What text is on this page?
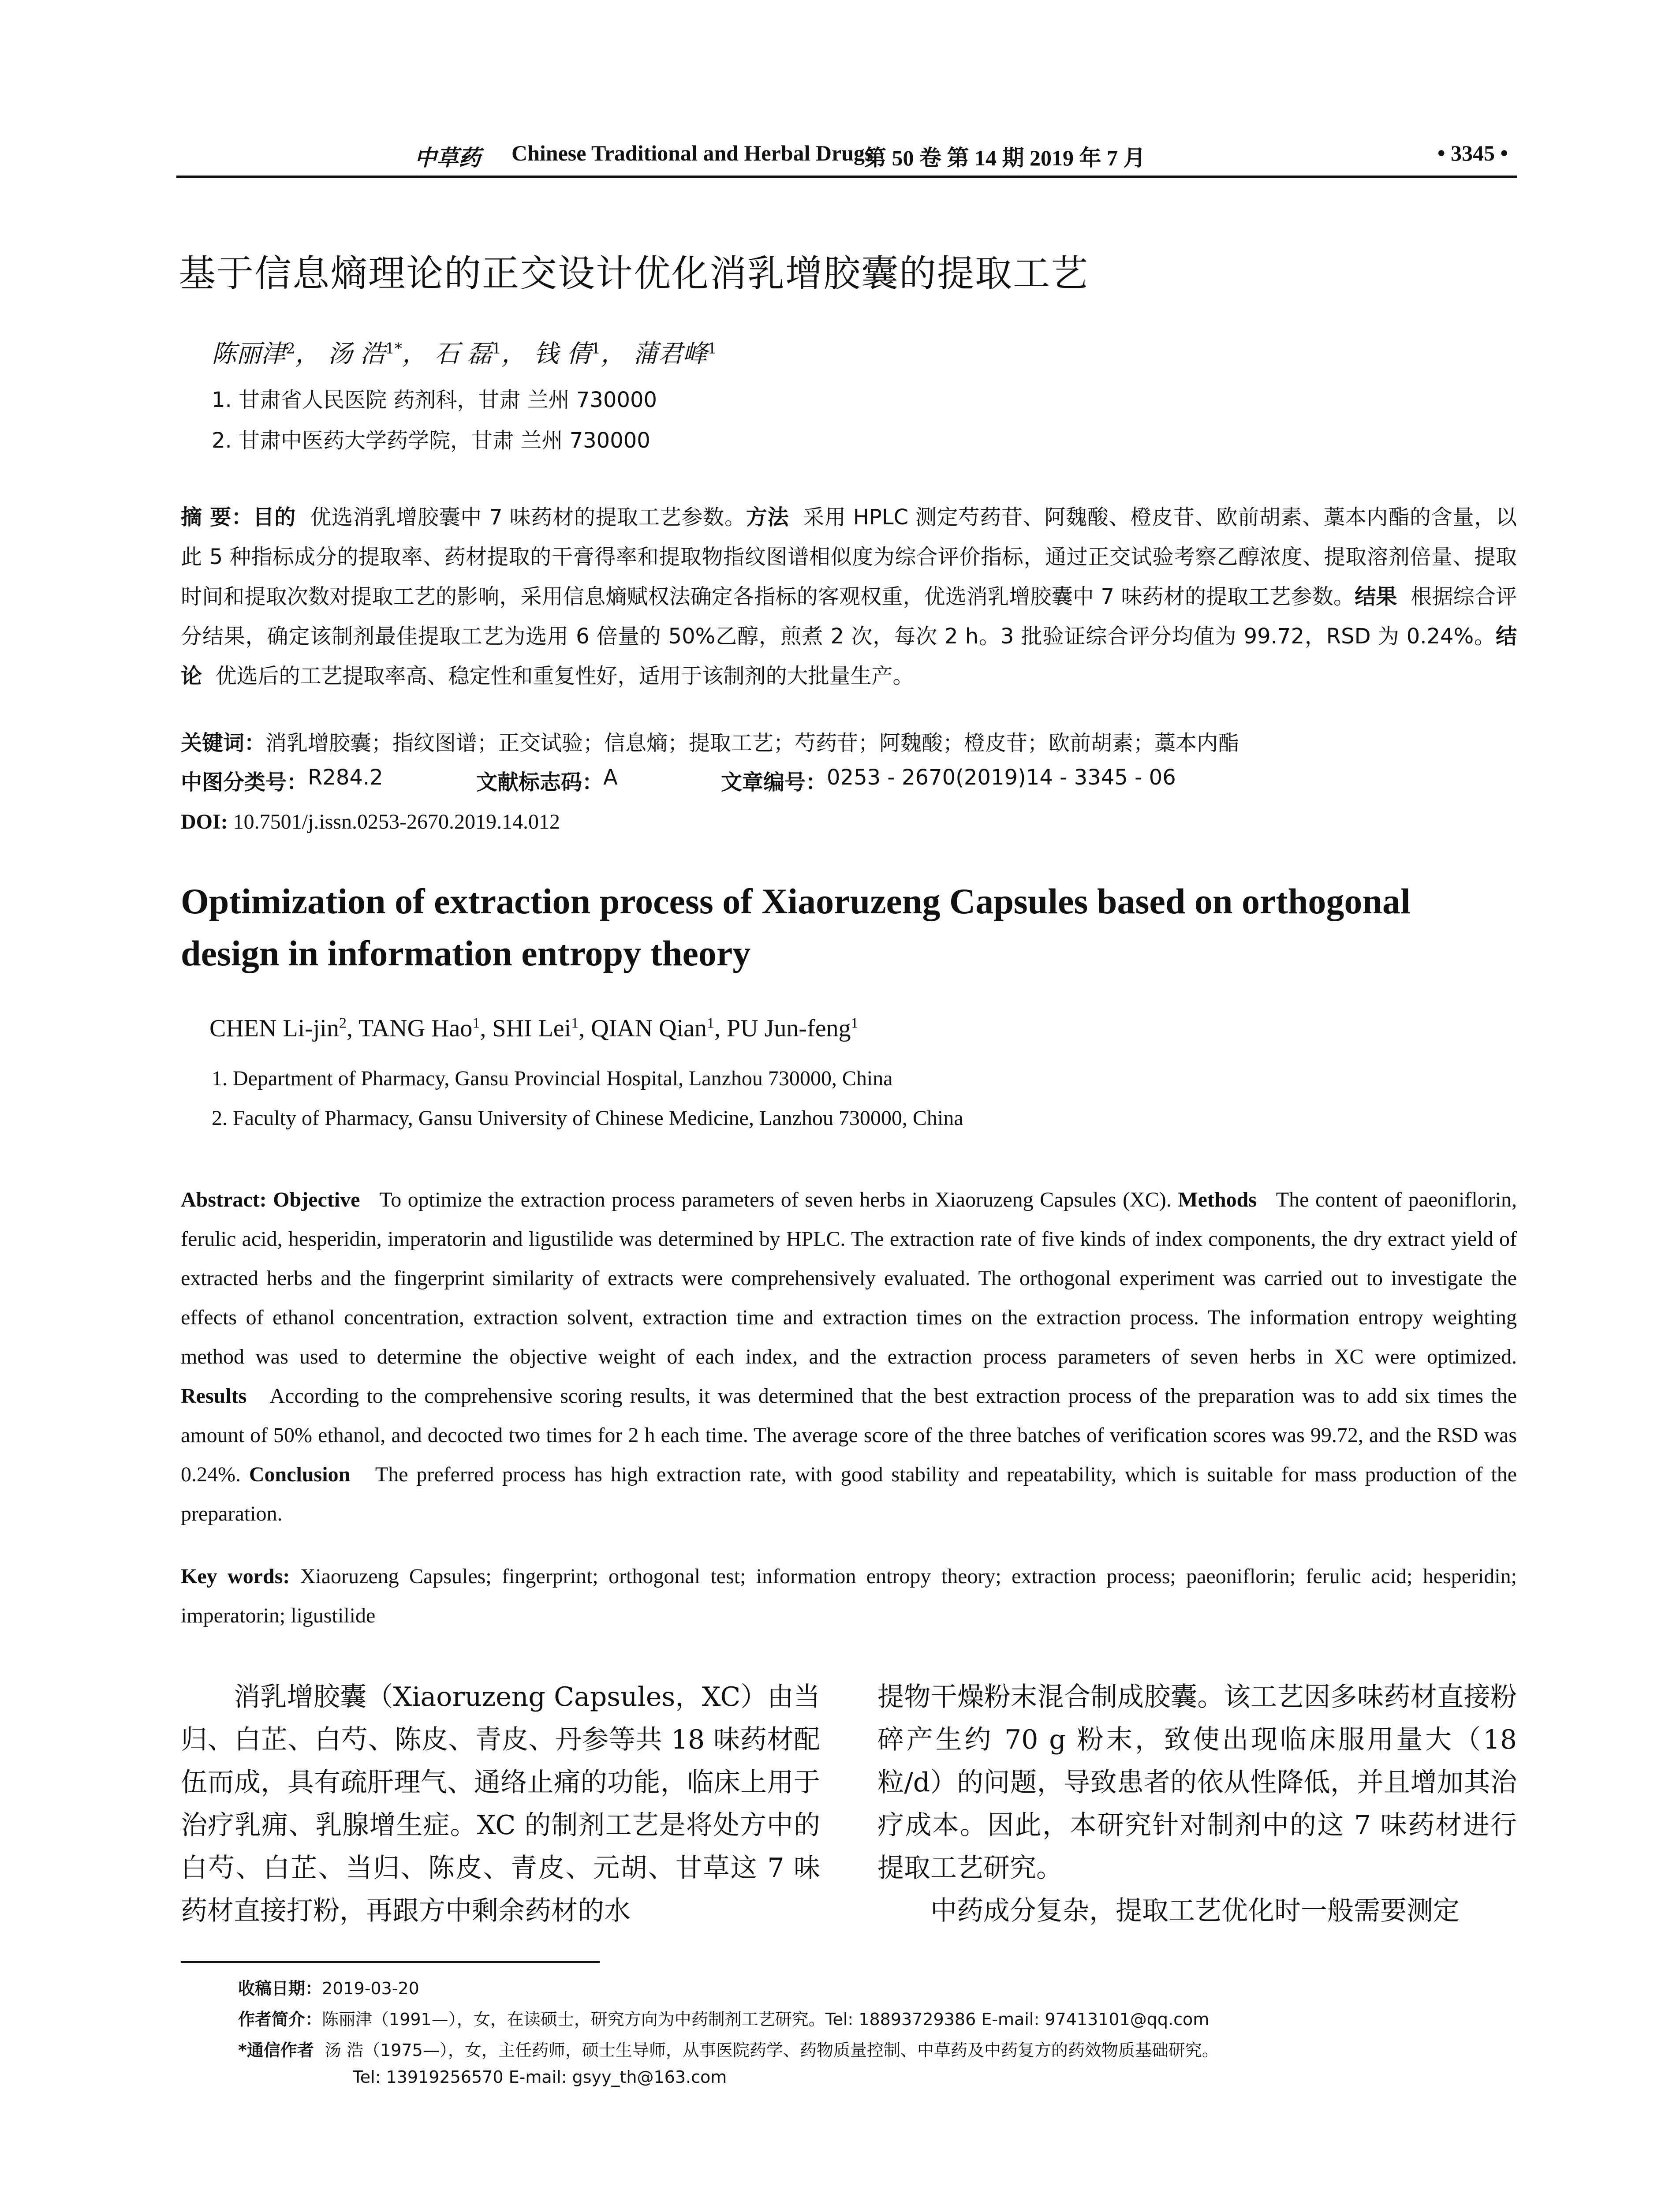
中草药 Chinese Traditional and Herbal Drugs
第 50 卷 第 14 期 2019 年 7 月	• 3345 •
基于信息熵理论的正交设计优化消乳增胶囊的提取工艺
陈丽津$^2$， 汤 浩$^{1*}$， 石 磊$^1$， 钱 倩$^1$， 蒲君峰$^1$
1. 甘肃省人民医院 药剂科，甘肃 兰州 730000
2. 甘肃中医药大学药学院，甘肃 兰州 730000
摘 要：目的 优选消乳增胶囊中 7 味药材的提取工艺参数。方法 采用 HPLC 测定芍药苷、阿魏酸、橙皮苷、欧前胡素、藁本内酯的含量，以此 5 种指标成分的提取率、药材提取的干膏得率和提取物指纹图谱相似度为综合评价指标，通过正交试验考察乙醇浓度、提取溶剂倍量、提取时间和提取次数对提取工艺的影响，采用信息熵赋权法确定各指标的客观权重，优选消乳增胶囊中 7 味药材的提取工艺参数。结果 根据综合评分结果，确定该制剂最佳提取工艺为选用 6 倍量的 50%乙醇，煎煮 2 次，每次 2 h。3 批验证综合评分均值为 99.72，RSD 为 0.24%。结论 优选后的工艺提取率高、稳定性和重复性好，适用于该制剂的大批量生产。
关键词：消乳增胶囊；指纹图谱；正交试验；信息熵；提取工艺；芍药苷；阿魏酸；橙皮苷；欧前胡素；藁本内酯
中图分类号： R284.2	文献标志码： A	文章编号： 0253 - 2670(2019)14 - 3345 - 06
DOI: 10.7501/j.issn.0253-2670.2019.14.012
Optimization of extraction process of Xiaoruzeng Capsules based on orthogonal design in information entropy theory
CHEN Li-jin$^2$, TANG Hao$^1$, SHI Lei$^1$, QIAN Qian$^1$, PU Jun-feng$^1$
1. Department of Pharmacy, Gansu Provincial Hospital, Lanzhou 730000, China
2. Faculty of Pharmacy, Gansu University of Chinese Medicine, Lanzhou 730000, China
Abstract: Objective To optimize the extraction process parameters of seven herbs in Xiaoruzeng Capsules (XC). Methods The content of paeoniflorin, ferulic acid, hesperidin, imperatorin and ligustilide was determined by HPLC. The extraction rate of five kinds of index components, the dry extract yield of extracted herbs and the fingerprint similarity of extracts were comprehensively evaluated. The orthogonal experiment was carried out to investigate the effects of ethanol concentration, extraction solvent, extraction time and extraction times on the extraction process. The information entropy weighting method was used to determine the objective weight of each index, and the extraction process parameters of seven herbs in XC were optimized. Results According to the comprehensive scoring results, it was determined that the best extraction process of the preparation was to add six times the amount of 50% ethanol, and decocted two times for 2 h each time. The average score of the three batches of verification scores was 99.72, and the RSD was 0.24%. Conclusion The preferred process has high extraction rate, with good stability and repeatability, which is suitable for mass production of the preparation.
Key words: Xiaoruzeng Capsules; fingerprint; orthogonal test; information entropy theory; extraction process; paeoniflorin; ferulic acid; hesperidin; imperatorin; ligustilide

消乳增胶囊（Xiaoruzeng Capsules，XC）由当归、白芷、白芍、陈皮、青皮、丹参等共 18 味药材配伍而成，具有疏肝理气、通络止痛的功能，临床上用于治疗乳痈、乳腺增生症。XC 的制剂工艺是将处方中的白芍、白芷、当归、陈皮、青皮、元胡、甘草这 7 味药材直接打粉，再跟方中剩余药材的水

提物干燥粉末混合制成胶囊。该工艺因多味药材直接粉碎产生约 70 g 粉末，致使出现临床服用量大（18 粒/d）的问题，导致患者的依从性降低，并且增加其治疗成本。因此，本研究针对制剂中的这 7 味药材进行提取工艺研究。

中药成分复杂，提取工艺优化时一般需要测定

收稿日期：2019-03-20
作者简介：陈丽津（1991—），女，在读硕士，研究方向为中药制剂工艺研究。Tel: 18893729386 E-mail: 97413101@qq.com
*通信作者 汤 浩（1975—），女，主任药师，硕士生导师，从事医院药学、药物质量控制、中草药及中药复方的药效物质基础研究。
Tel: 13919256570 E-mail: gsyy_th@163.com
